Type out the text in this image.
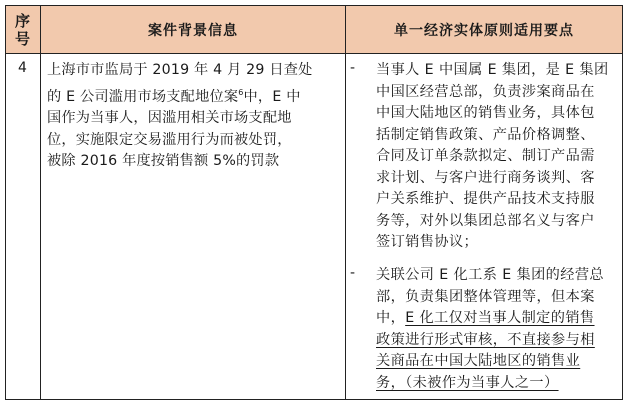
序
号	案件背景信息	单一经济实体原则适用要点
4 上海市市监局于 2019 年 4 月 29 日查处
的 E 公司滥用市场支配地位案$^6$中，E 中
国作为当事人，因滥用相关市场支配地
位，实施限定交易滥用行为而被处罚，
被除 2016 年度按销售额 5%的罚款
- 当事人 E 中国属 E 集团，是 E 集团
中国区经营总部，负责涉案商品在
中国大陆地区的销售业务，具体包
括制定销售政策、产品价格调整、
合同及订单条款拟定、制订产品需
求计划、与客户进行商务谈判、客
户关系维护、提供产品技术支持服
务等，对外以集团总部名义与客户
签订销售协议；
- 关联公司 E 化工系 E 集团的经营总
部，负责集团整体管理等，但本案
中，E 化工仅对当事人制定的销售
政策进行形式审核，不直接参与相
关商品在中国大陆地区的销售业
务，（未被作为当事人之一）
